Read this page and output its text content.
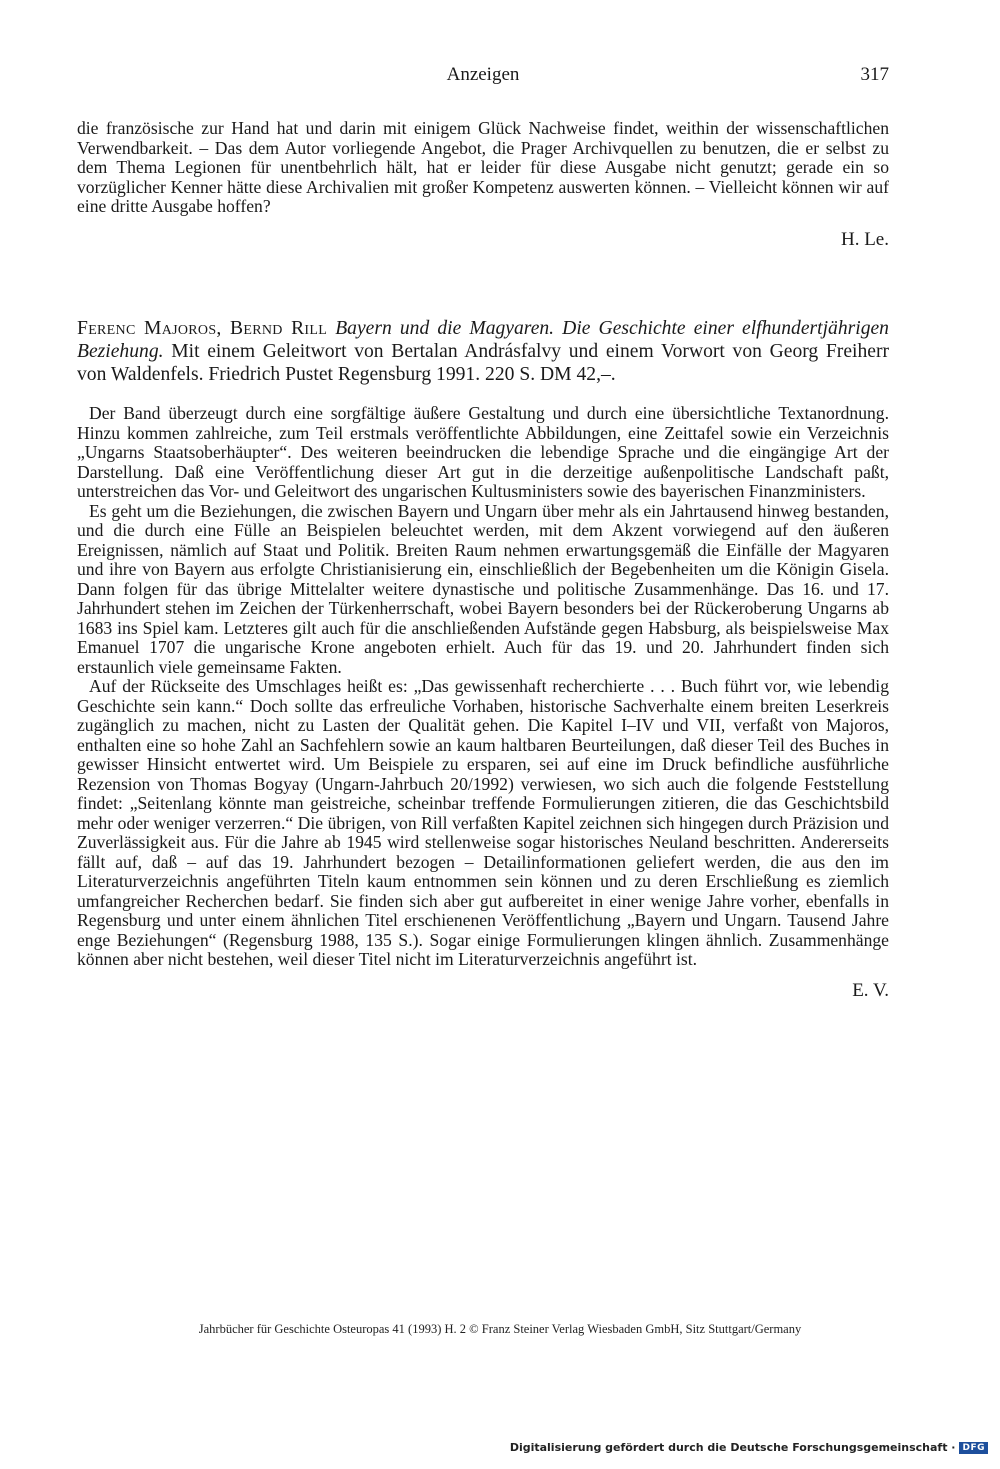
Anzeigen	317

die französische zur Hand hat und darin mit einigem Glück Nachweise findet, weithin der wissenschaftlichen Verwendbarkeit. – Das dem Autor vorliegende Angebot, die Prager Archivquellen zu benutzen, die er selbst zu dem Thema Legionen für unentbehrlich hält, hat er leider für diese Ausgabe nicht genutzt; gerade ein so vorzüglicher Kenner hätte diese Archivalien mit großer Kompetenz auswerten können. – Vielleicht können wir auf eine dritte Ausgabe hoffen?

H. Le.

Ferenc Majoros, Bernd Rill Bayern und die Magyaren. Die Geschichte einer elfhundertjährigen Beziehung. Mit einem Geleitwort von Bertalan Andrásfalvy und einem Vorwort von Georg Freiherr von Waldenfels. Friedrich Pustet Regensburg 1991. 220 S. DM 42,–.

Der Band überzeugt durch eine sorgfältige äußere Gestaltung und durch eine übersichtliche Textanordnung. Hinzu kommen zahlreiche, zum Teil erstmals veröffentlichte Abbildungen, eine Zeittafel sowie ein Verzeichnis „Ungarns Staatsoberhäupter“. Des weiteren beeindrucken die lebendige Sprache und die eingängige Art der Darstellung. Daß eine Veröffentlichung dieser Art gut in die derzeitige außenpolitische Landschaft paßt, unterstreichen das Vor- und Geleitwort des ungarischen Kultusministers sowie des bayerischen Finanzministers.

Es geht um die Beziehungen, die zwischen Bayern und Ungarn über mehr als ein Jahrtausend hinweg bestanden, und die durch eine Fülle an Beispielen beleuchtet werden, mit dem Akzent vorwiegend auf den äußeren Ereignissen, nämlich auf Staat und Politik. Breiten Raum nehmen erwartungsgemäß die Einfälle der Magyaren und ihre von Bayern aus erfolgte Christianisierung ein, einschließlich der Begebenheiten um die Königin Gisela. Dann folgen für das übrige Mittelalter weitere dynastische und politische Zusammenhänge. Das 16. und 17. Jahrhundert stehen im Zeichen der Türkenherrschaft, wobei Bayern besonders bei der Rückeroberung Ungarns ab 1683 ins Spiel kam. Letzteres gilt auch für die anschließenden Aufstände gegen Habsburg, als beispielsweise Max Emanuel 1707 die ungarische Krone angeboten erhielt. Auch für das 19. und 20. Jahrhundert finden sich erstaunlich viele gemeinsame Fakten.

Auf der Rückseite des Umschlages heißt es: „Das gewissenhaft recherchierte . . . Buch führt vor, wie lebendig Geschichte sein kann.“ Doch sollte das erfreuliche Vorhaben, historische Sachverhalte einem breiten Leserkreis zugänglich zu machen, nicht zu Lasten der Qualität gehen. Die Kapitel I–IV und VII, verfaßt von Majoros, enthalten eine so hohe Zahl an Sachfehlern sowie an kaum haltbaren Beurteilungen, daß dieser Teil des Buches in gewisser Hinsicht entwertet wird. Um Beispiele zu ersparen, sei auf eine im Druck befindliche ausführliche Rezension von Thomas Bogyay (Ungarn-Jahrbuch 20/1992) verwiesen, wo sich auch die folgende Feststellung findet: „Seitenlang könnte man geistreiche, scheinbar treffende Formulierungen zitieren, die das Geschichtsbild mehr oder weniger verzerren.“ Die übrigen, von Rill verfaßten Kapitel zeichnen sich hingegen durch Präzision und Zuverlässigkeit aus. Für die Jahre ab 1945 wird stellenweise sogar historisches Neuland beschritten. Andererseits fällt auf, daß – auf das 19. Jahrhundert bezogen – Detailinformationen geliefert werden, die aus den im Literaturverzeichnis angeführten Titeln kaum entnommen sein können und zu deren Erschließung es ziemlich umfangreicher Recherchen bedarf. Sie finden sich aber gut aufbereitet in einer wenige Jahre vorher, ebenfalls in Regensburg und unter einem ähnlichen Titel erschienenen Veröffentlichung „Bayern und Ungarn. Tausend Jahre enge Beziehungen“ (Regensburg 1988, 135 S.). Sogar einige Formulierungen klingen ähnlich. Zusammenhänge können aber nicht bestehen, weil dieser Titel nicht im Literaturverzeichnis angeführt ist.

E. V.

Jahrbücher für Geschichte Osteuropas 41 (1993) H. 2 © Franz Steiner Verlag Wiesbaden GmbH, Sitz Stuttgart/Germany
Digitalisierung gefördert durch die Deutsche Forschungsgemeinschaft · DFG
